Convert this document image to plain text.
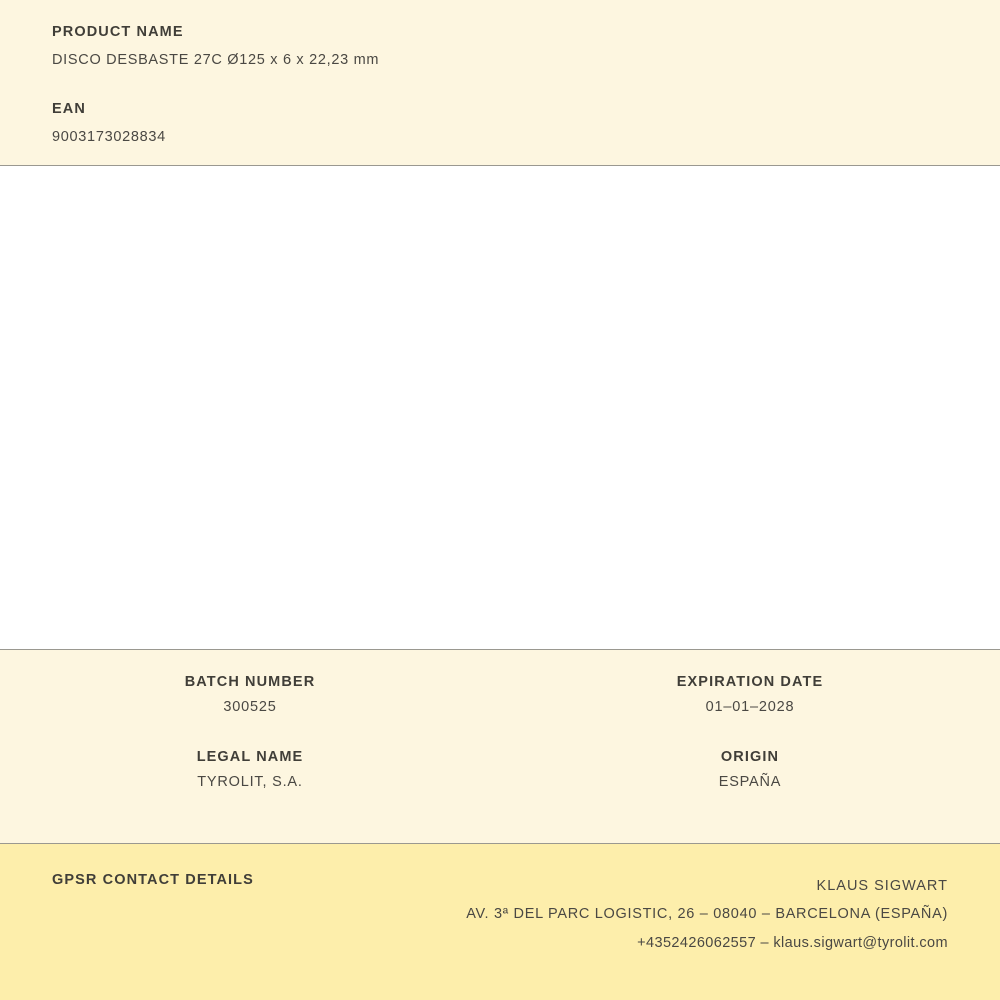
PRODUCT NAME
DISCO DESBASTE 27C Ø125 x 6 x 22,23 mm
EAN
9003173028834
BATCH NUMBER
300525
EXPIRATION DATE
01–01–2028
LEGAL NAME
TYROLIT, S.A.
ORIGIN
ESPAÑA
GPSR CONTACT DETAILS	KLAUS SIGWART
AV. 3ª DEL PARC LOGISTIC, 26 – 08040 – BARCELONA (ESPAÑA)
+4352426062557 – klaus.sigwart@tyrolit.com
